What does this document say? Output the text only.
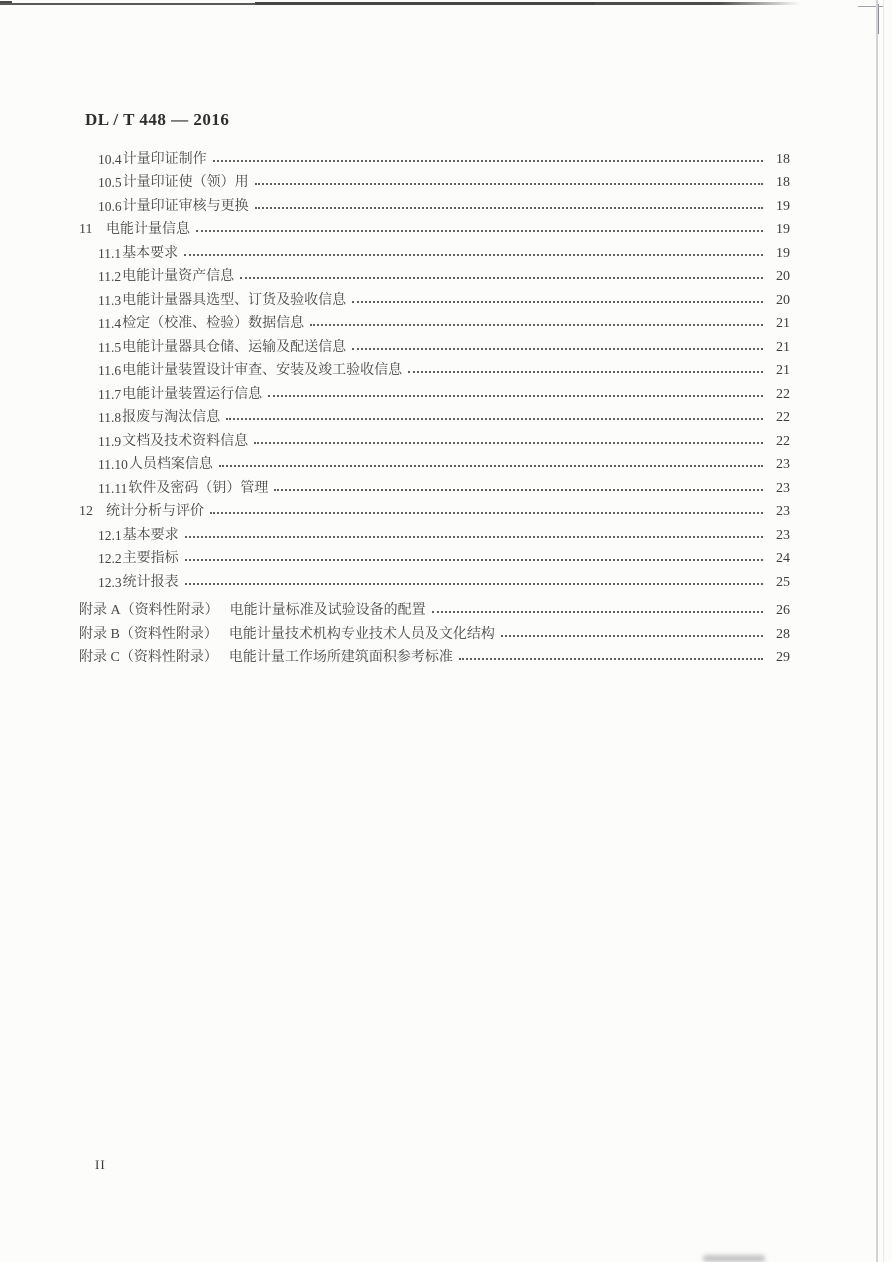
DL / T 448 — 2016
10.4 计量印证制作	18
10.5 计量印证使（领）用	18
10.6 计量印证审核与更换	19
11 电能计量信息	19
11.1 基本要求	19
11.2 电能计量资产信息	20
11.3 电能计量器具选型、订货及验收信息	20
11.4 检定（校准、检验）数据信息	21
11.5 电能计量器具仓储、运输及配送信息	21
11.6 电能计量装置设计审查、安装及竣工验收信息	21
11.7 电能计量装置运行信息	22
11.8 报废与淘汰信息	22
11.9 文档及技术资料信息	22
11.10 人员档案信息	23
11.11 软件及密码（钥）管理	23
12 统计分析与评价	23
12.1 基本要求	23
12.2 主要指标	24
12.3 统计报表	25
附录 A（资料性附录） 电能计量标准及试验设备的配置	26
附录 B（资料性附录） 电能计量技术机构专业技术人员及文化结构	28
附录 C（资料性附录） 电能计量工作场所建筑面积参考标准	29
II
